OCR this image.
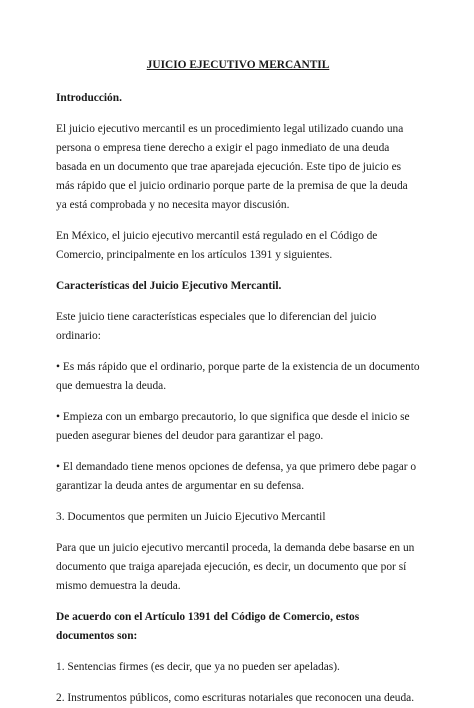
JUICIO EJECUTIVO MERCANTIL
Introducción.

El juicio ejecutivo mercantil es un procedimiento legal utilizado cuando una persona o empresa tiene derecho a exigir el pago inmediato de una deuda basada en un documento que trae aparejada ejecución. Este tipo de juicio es más rápido que el juicio ordinario porque parte de la premisa de que la deuda ya está comprobada y no necesita mayor discusión.

En México, el juicio ejecutivo mercantil está regulado en el Código de Comercio, principalmente en los artículos 1391 y siguientes.

Características del Juicio Ejecutivo Mercantil.

Este juicio tiene características especiales que lo diferencian del juicio ordinario:

• Es más rápido que el ordinario, porque parte de la existencia de un documento que demuestra la deuda.

• Empieza con un embargo precautorio, lo que significa que desde el inicio se pueden asegurar bienes del deudor para garantizar el pago.

• El demandado tiene menos opciones de defensa, ya que primero debe pagar o garantizar la deuda antes de argumentar en su defensa.

3. Documentos que permiten un Juicio Ejecutivo Mercantil

Para que un juicio ejecutivo mercantil proceda, la demanda debe basarse en un documento que traiga aparejada ejecución, es decir, un documento que por sí mismo demuestra la deuda.

De acuerdo con el Artículo 1391 del Código de Comercio, estos documentos son:

1. Sentencias firmes (es decir, que ya no pueden ser apeladas).

2. Instrumentos públicos, como escrituras notariales que reconocen una deuda.
